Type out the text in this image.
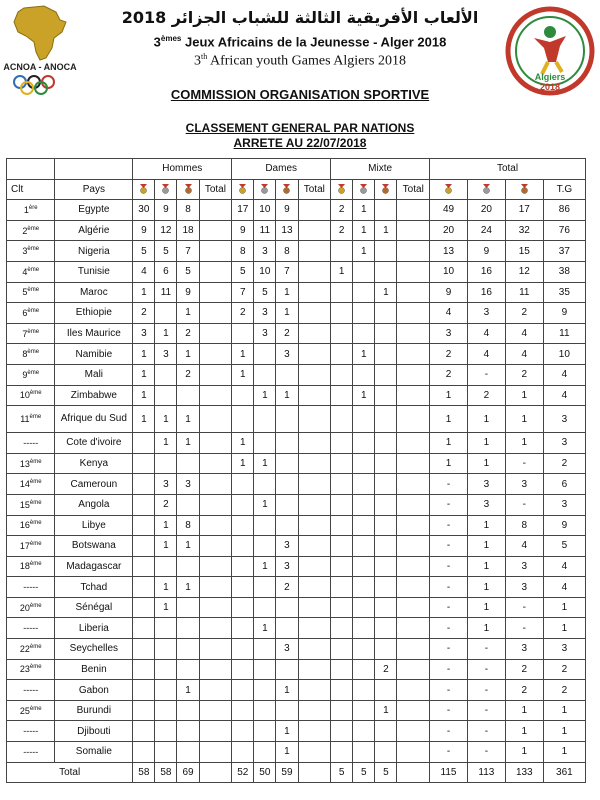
ACNOA - ANOCA
الألعاب الأفريقية الثالثة للشباب الجزائر 2018
3èmes Jeux Africains de la Jeunesse - Alger 2018
3th African youth Games Algiers 2018
Algiers
2018
COMMISSION ORGANISATION SPORTIVE
CLASSEMENT GENERAL PAR NATIONS
ARRETE AU 22/07/2018
		Hommes				Dames				Mixte				Total			
Clt	Pays				Total				Total				Total				T.G
1ère	Egypte	30	9	8		17	10	9		2	1			49	20	17	86
2ème	Algérie	9	12	18		9	11	13		2	1	1		20	24	32	76
3ème	Nigeria	5	5	7		8	3	8			1			13	9	15	37
4ème	Tunisie	4	6	5		5	10	7		1				10	16	12	38
5ème	Maroc	1	11	9		7	5	1				1		9	16	11	35
6ème	Ethiopie	2		1		2	3	1						4	3	2	9
7ème	Iles Maurice	3	1	2			3	2						3	4	4	11
8ème	Namibie	1	3	1		1		3			1			2	4	4	10
9ème	Mali	1		2		1								2	-	2	4
10ème	Zimbabwe	1					1	1			1			1	2	1	4
11ème	Afrique du Sud	1	1	1										1	1	1	3
-----	Cote d'ivoire		1	1		1								1	1	1	3
13ème	Kenya					1	1							1	1	-	2
14ème	Cameroun		3	3										-	3	3	6
15ème	Angola		2				1							-	3	-	3
16ème	Libye		1	8										-	1	8	9
17ème	Botswana		1	1				3						-	1	4	5
18ème	Madagascar						1	3						-	1	3	4
-----	Tchad		1	1				2						-	1	3	4
20ème	Sénégal		1											-	1	-	1
-----	Liberia						1							-	1	-	1
22ème	Seychelles							3						-	-	3	3
23ème	Benin											2		-	-	2	2
-----	Gabon			1				1						-	-	2	2
25ème	Burundi											1		-	-	1	1
-----	Djibouti							1						-	-	1	1
-----	Somalie							1						-	-	1	1
Total		58	58	69		52	50	59		5	5	5		115	113	133	361
